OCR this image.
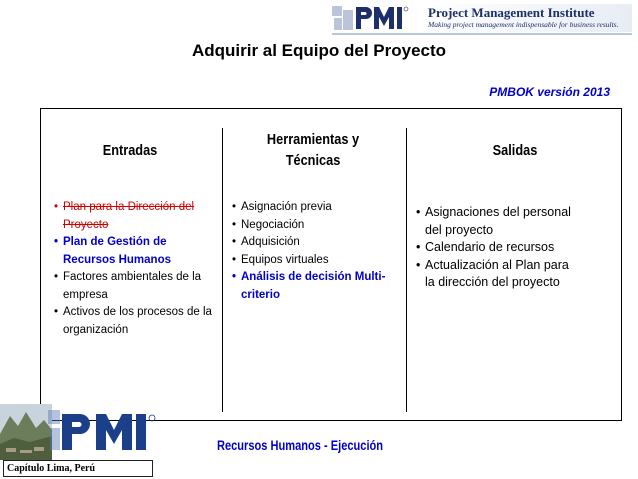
Project Management Institute
Making project management indispensable for business results.
Adquirir al Equipo del Proyecto
PMBOK versión 2013
Entradas
• Plan para la Dirección del Proyecto
• Plan de Gestión de Recursos Humanos
• Factores ambientales de la empresa
• Activos de los procesos de la organización
Herramientas y
Técnicas
• Asignación previa
• Negociación
• Adquisición
• Equipos virtuales
• Análisis de decisión Multi-criterio
Salidas
• Asignaciones del personal del proyecto
• Calendario de recursos
• Actualización al Plan para la dirección del proyecto
Capítulo Lima, Perú
Recursos Humanos - Ejecución
